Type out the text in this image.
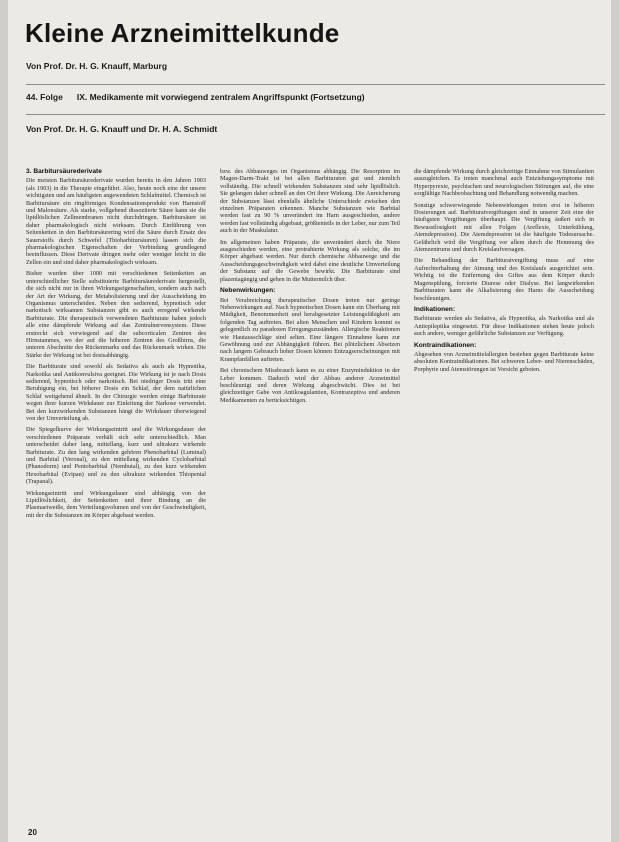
Kleine Arzneimittelkunde
Von Prof. Dr. H. G. Knauff, Marburg
44. Folge IX. Medikamente mit vorwiegend zentralem Angriffspunkt (Fortsetzung)
Von Prof. Dr. H. G. Knauff und Dr. H. A. Schmidt
3. Barbitursäurederivate

Die meisten Barbitursäurederivate wurden bereits in den Jahren 1903 (als 1903) in die Therapie eingeführt. Also, heute noch eine der unsere wichtigsten und am häufigsten angewendeten Schlafmittel. Chemisch ist Barbitursäure ein ringförmiges Kondensationsprodukt von Harnstoff und Malonsäure. Als starke, vollgehend dissoziierte Säure kann sie die lipidlöslichen Zellmembranen nicht durchdringen. Barbitursäure ist daher pharmakologisch nicht wirksam. Durch Einführung von Seitenketten in den Barbitursäurering wird die Säure durch Ersatz des Sauerstoffs durch Schwefel (Thiobarbitursäuren) lassen sich die pharmakologischen Eigenschaften der Verbindung grundlegend beeinflussen. Diese Derivate dringen mehr oder weniger leicht in die Zellen ein und sind daher pharmakologisch wirksam.

Bisher wurden über 1000 mit verschiedenen Seitenketten an unterschiedlicher Stelle substituierte Barbitursäurederivate hergestellt, die sich nicht nur in ihren Wirkungseigenschaften, sondern auch nach der Art der Wirkung, der Metabolisierung und der Ausscheidung im Organismus unterscheiden. Neben den sedierend, hypnotisch oder narkotisch wirksamen Substanzen gibt es auch erregend wirkende Barbiturate. Die therapeutisch verwendeten Barbiturate haben jedoch alle eine dämpfende Wirkung auf das Zentralnervensystem. Diese erstreckt sich vorwiegend auf die subcorticalen Zentren des Hirnstammes, wo der auf die höheren Zentren des Großhirns, die unteren Abschnitte des Rückenmarks und das Rückenmark wirken. Die Stärke der Wirkung ist bei dosisabhängig.

Die Barbiturate sind sowohl als Sedativa als auch als Hypnotika, Narkotika und Antikonvulsiva geeignet. Die Wirkung ist je nach Dosis sedierend, hypnotisch oder narkotisch. Bei niedriger Dosis tritt eine Beruhigung ein, bei höherer Dosis ein Schlaf, der dem natürlichen Schlaf weitgehend ähnelt. In der Chirurgie werden einige Barbiturate wegen ihrer kurzen Wirkdauer zur Einleitung der Narkose verwendet. Bei den kurzwirkenden Substanzen hängt die Wirkdauer überwiegend von der Umverteilung ab.

Die Spiegelkurve der Wirkungseintritt und die Wirkungsdauer der verschiedenen Präparate verhält sich sehr unterschiedlich. Man unterscheidet daher lang, mittellang, kurz und ultrakurz wirkende Barbiturate. Zu den lang wirkenden gehören Phenobarbital (Luminal) und Barbital (Veronal), zu den mittellang wirkenden Cyclobarbital (Phanodorm) und Pentobarbital (Nembutal), zu den kurz wirkenden Hexobarbital (Evipan) und zu den ultrakurz wirkenden Thiopental (Trapanal).

Wirkungseintritt und Wirkungsdauer sind abhängig von der Lipidlöslichkeit, der Seitenketten und ihrer Bindung an die Plasmaeiweiße, dem Verteilungsvolumen und von der Geschwindigkeit, mit der die Substanzen im Körper abgebaut werden.

bzw. des Abbauweges im Organismus abhängig. Die Resorption im Magen-Darm-Trakt ist bei allen Barbituraten gut und ziemlich vollständig. Die schnell wirkenden Substanzen sind sehr lipidlöslich. Sie gelangen daher schnell an den Ort ihrer Wirkung. Die Anreicherung der Substanzen lässt ebenfalls ähnliche Unterschiede zwischen den einzelnen Präparaten erkennen. Manche Substanzen wie Barbital werden fast zu 90 % unverändert im Harn ausgeschieden, andere werden fast vollständig abgebaut, größtenteils in der Leber, nur zum Teil auch in der Muskulatur.

Im allgemeinen haben Präparate, die unverändert durch die Niere ausgeschieden werden, eine protrahierte Wirkung als solche, die im Körper abgebaut werden. Nur durch chemische Abbauwege und die Ausscheidungsgeschwindigkeit wird dabei eine deutliche Umverteilung der Substanz auf die Gewebe bewirkt. Die Barbiturate sind plazentagängig und gehen in die Muttermilch über.

Nebenwirkungen:

Bei Verabreichung therapeutischer Dosen treten nur geringe Nebenwirkungen auf. Nach hypnotischen Dosen kann ein Überhang mit Müdigkeit, Benommenheit und herabgesetzter Leistungsfähigkeit am folgenden Tag auftreten. Bei alten Menschen und Kindern kommt es gelegentlich zu paradoxen Erregungszuständen. Allergische Reaktionen wie Hautausschläge sind selten. Eine längere Einnahme kann zur Gewöhnung und zur Abhängigkeit führen. Bei plötzlichem Absetzen nach langem Gebrauch hoher Dosen können Entzugserscheinungen mit Krampfanfällen auftreten.

Bei chronischem Missbrauch kann es zu einer Enzyminduktion in der Leber kommen. Dadurch wird der Abbau anderer Arzneimittel beschleunigt und deren Wirkung abgeschwächt. Dies ist bei gleichzeitiger Gabe von Antikoagulantien, Kontrazeptiva und anderen Medikamenten zu berücksichtigen.

die dämpfende Wirkung durch gleichzeitige Einnahme von Stimulantien auszugleichen. Es treten manchmal auch Entziehungssymptome mit Hyperpyrexie, psychischen und neurologischen Störungen auf, die eine sorgfältige Nachbeobachtung und Behandlung notwendig machen.

Sonstige schwerwiegende Nebenwirkungen treten erst in höheren Dosierungen auf. Barbituratvergiftungen sind in unserer Zeit eine der häufigsten Vergiftungen überhaupt. Die Vergiftung äußert sich in Bewusstlosigkeit mit allen Folgen (Areflexie, Unterkühlung, Atemdepression). Die Atemdepression ist die häufigste Todesursache. Gefährlich wird die Vergiftung vor allem durch die Hemmung des Atemzentrums und durch Kreislaufversagen.

Die Behandlung der Barbituratvergiftung muss auf eine Aufrechterhaltung der Atmung und des Kreislaufs ausgerichtet sein. Wichtig ist die Entfernung des Giftes aus dem Körper durch Magenspülung, forcierte Diurese oder Dialyse. Bei langwirkenden Barbituraten kann die Alkalisierung des Harns die Ausscheidung beschleunigen.

Indikationen:

Barbiturate werden als Sedativa, als Hypnotika, als Narkotika und als Antiepileptika eingesetzt. Für diese Indikationen stehen heute jedoch auch andere, weniger gefährliche Substanzen zur Verfügung.

Kontraindikationen:

Abgesehen von Arzneimittelallergien bestehen gegen Barbiturate keine absoluten Kontraindikationen. Bei schweren Leber- und Nierenschäden, Porphyrie und Atemstörungen ist Vorsicht geboten.

20
